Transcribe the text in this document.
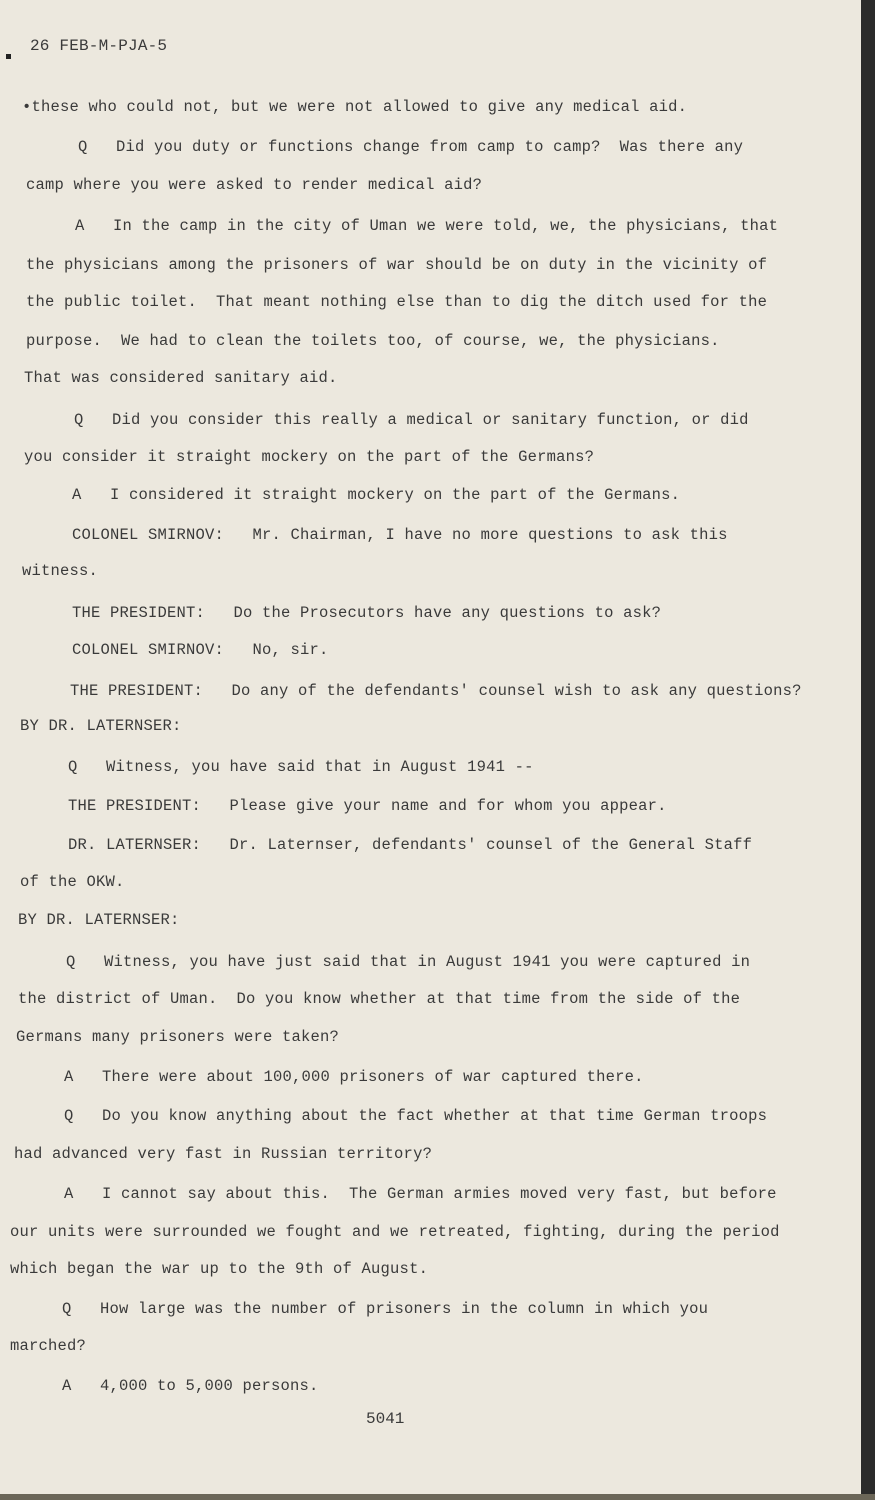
26 FEB-M-PJA-5
•these who could not, but we were not allowed to give any medical aid.
Q   Did you duty or functions change from camp to camp?  Was there any
camp where you were asked to render medical aid?
A   In the camp in the city of Uman we were told, we, the physicians, that
the physicians among the prisoners of war should be on duty in the vicinity of
the public toilet.  That meant nothing else than to dig the ditch used for the
purpose.  We had to clean the toilets too, of course, we, the physicians.
That was considered sanitary aid.
Q   Did you consider this really a medical or sanitary function, or did
you consider it straight mockery on the part of the Germans?
A   I considered it straight mockery on the part of the Germans.
COLONEL SMIRNOV:   Mr. Chairman, I have no more questions to ask this
witness.
THE PRESIDENT:   Do the Prosecutors have any questions to ask?
COLONEL SMIRNOV:   No, sir.
THE PRESIDENT:   Do any of the defendants' counsel wish to ask any questions?
BY DR. LATERNSER:
Q   Witness, you have said that in August 1941 --
THE PRESIDENT:   Please give your name and for whom you appear.
DR. LATERNSER:   Dr. Laternser, defendants' counsel of the General Staff
of the OKW.
BY DR. LATERNSER:
Q   Witness, you have just said that in August 1941 you were captured in
the district of Uman.  Do you know whether at that time from the side of the
Germans many prisoners were taken?
A   There were about 100,000 prisoners of war captured there.
Q   Do you know anything about the fact whether at that time German troops
had advanced very fast in Russian territory?
A   I cannot say about this.  The German armies moved very fast, but before
our units were surrounded we fought and we retreated, fighting, during the period
which began the war up to the 9th of August.
Q   How large was the number of prisoners in the column in which you
marched?
A   4,000 to 5,000 persons.
5041
